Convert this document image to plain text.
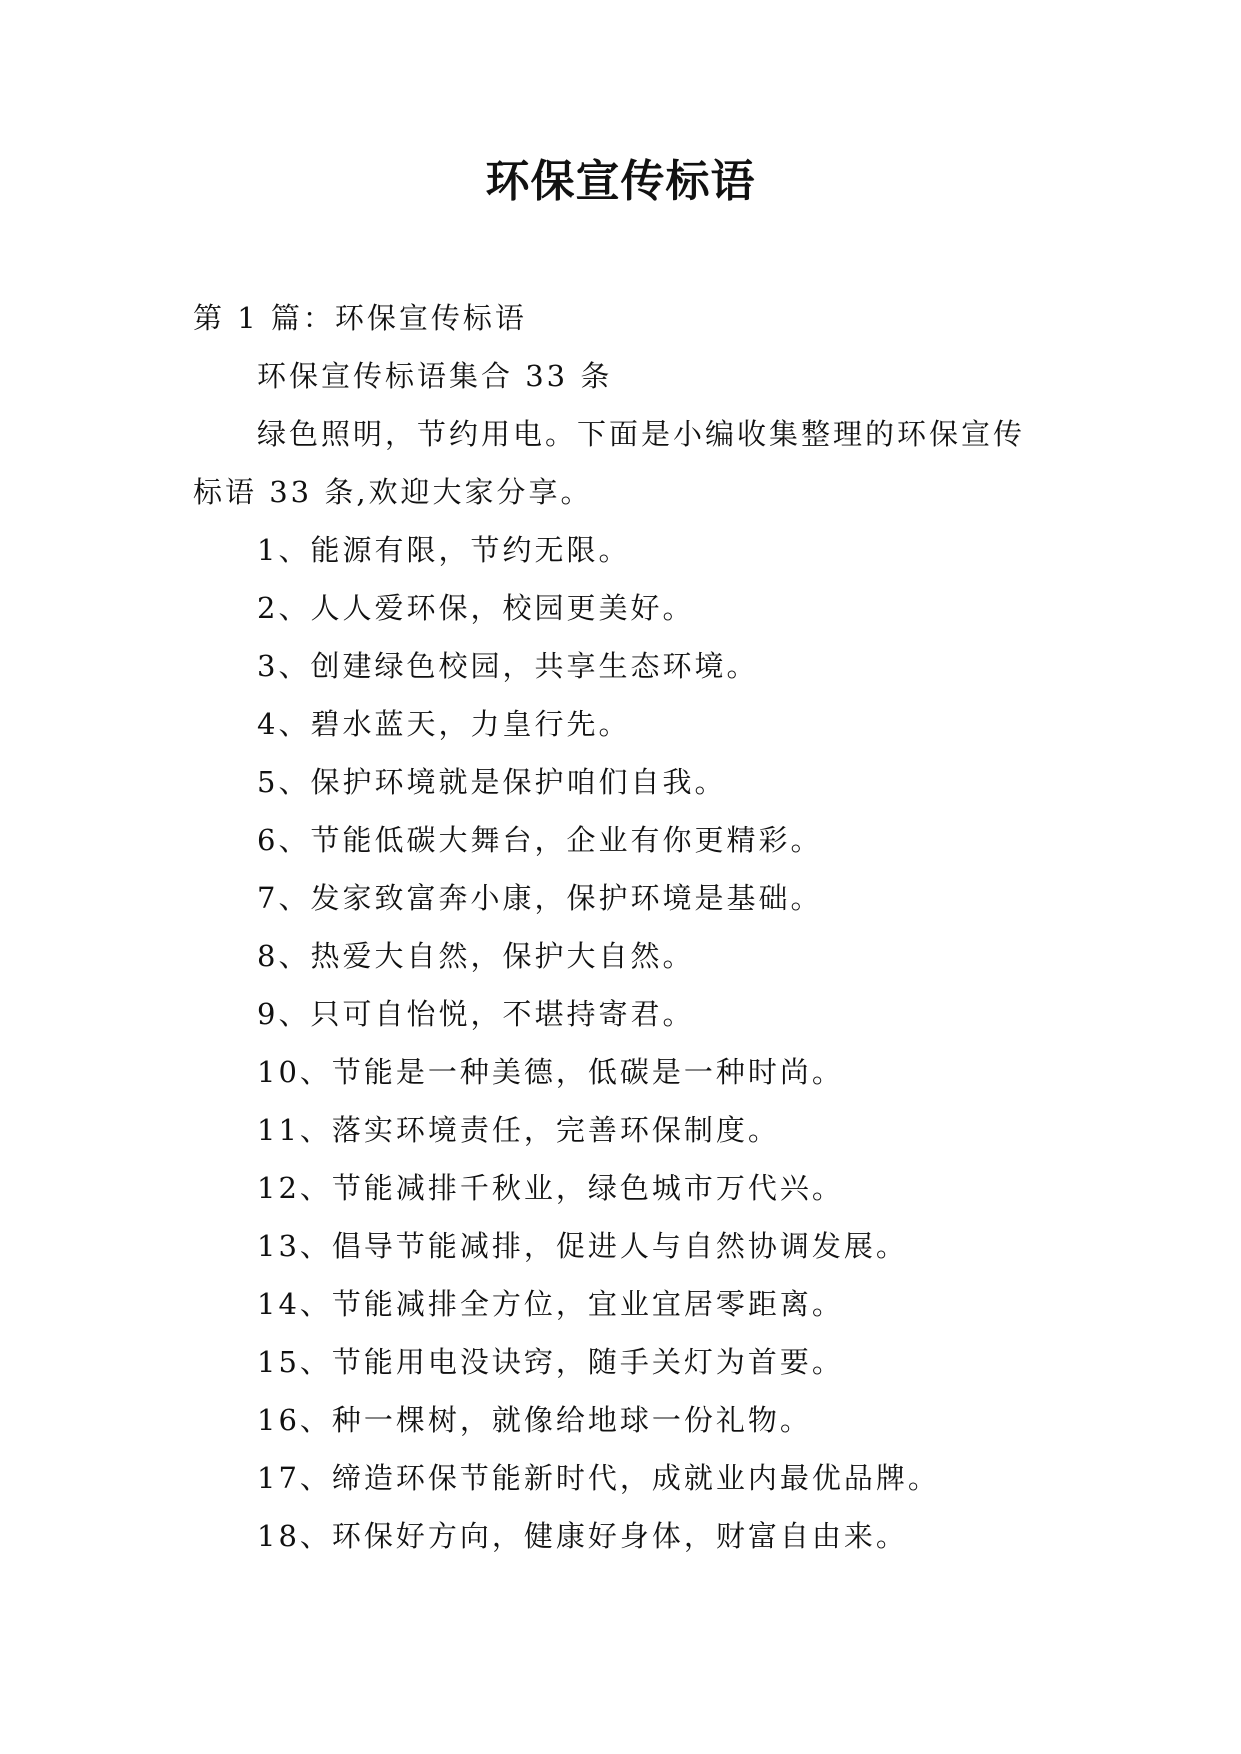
环保宣传标语
第 1 篇：环保宣传标语
环保宣传标语集合 33 条
绿色照明，节约用电。下面是小编收集整理的环保宣传
标语 33 条,欢迎大家分享。
1、能源有限，节约无限。
2、人人爱环保，校园更美好。
3、创建绿色校园，共享生态环境。
4、碧水蓝天，力皇行先。
5、保护环境就是保护咱们自我。
6、节能低碳大舞台，企业有你更精彩。
7、发家致富奔小康，保护环境是基础。
8、热爱大自然，保护大自然。
9、只可自怡悦，不堪持寄君。
10、节能是一种美德，低碳是一种时尚。
11、落实环境责任，完善环保制度。
12、节能减排千秋业，绿色城市万代兴。
13、倡导节能减排，促进人与自然协调发展。
14、节能减排全方位，宜业宜居零距离。
15、节能用电没诀窍，随手关灯为首要。
16、种一棵树，就像给地球一份礼物。
17、缔造环保节能新时代，成就业内最优品牌。
18、环保好方向，健康好身体，财富自由来。
